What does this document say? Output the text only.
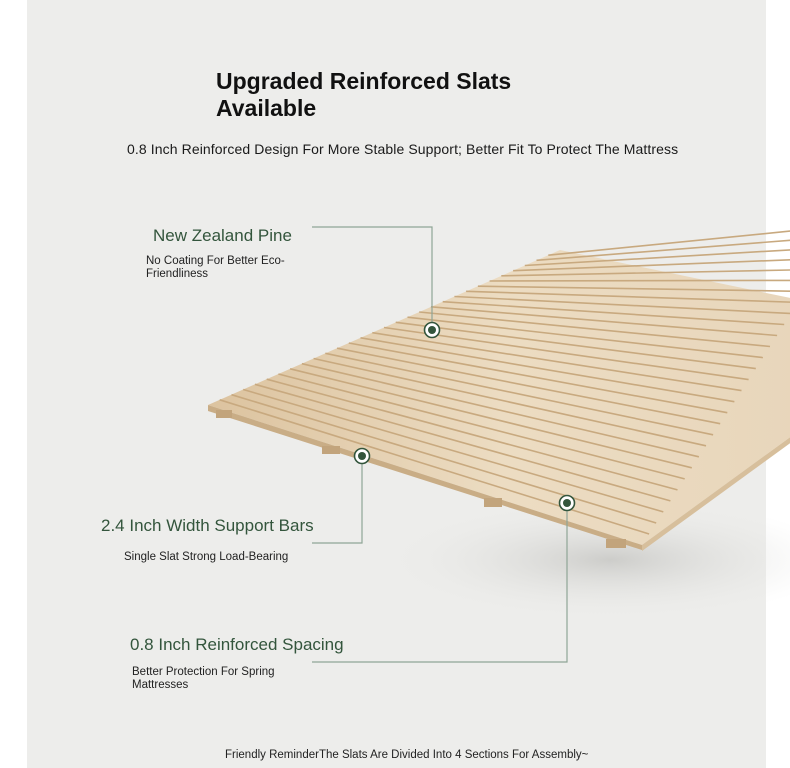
Upgraded Reinforced Slats Available
0.8 Inch Reinforced Design For More Stable Support; Better Fit To Protect The Mattress
New Zealand Pine
No Coating For Better Eco-Friendliness
2.4 Inch Width Support Bars
Single Slat Strong Load-Bearing
0.8 Inch Reinforced Spacing
Better Protection For Spring Mattresses
Friendly ReminderThe Slats Are Divided Into 4 Sections For Assembly~
